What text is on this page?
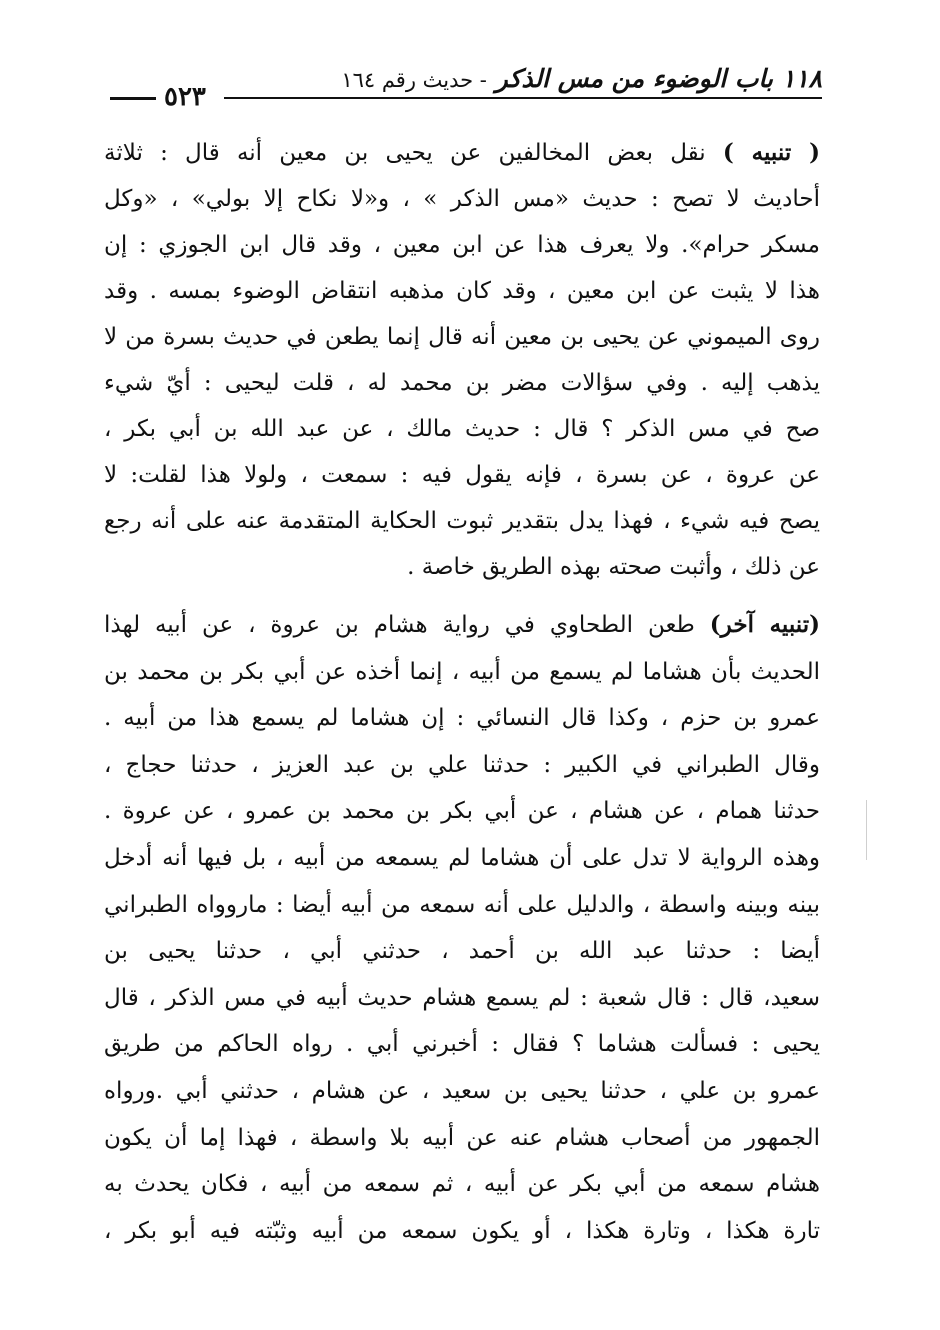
١١٨ باب الوضوء من مس الذكر - حديث رقم ١٦٤
٥٢٣
( تنبيه ) نقل بعض المخالفين عن يحيى بن معين أنه قال : ثلاثة
أحاديث لا تصح : حديث «مس الذكر » ، و«لا نكاح إلا بولي» ، «وكل
مسكر حرام». ولا يعرف هذا عن ابن معين ، وقد قال ابن الجوزي : إن
هذا لا يثبت عن ابن معين ، وقد كان مذهبه انتقاض الوضوء بمسه . وقد
روى الميموني عن يحيى بن معين أنه قال إنما يطعن في حديث بسرة من لا
يذهب إليه . وفي سؤالات مضر بن محمد له ، قلت ليحيى : أيّ شيء
صح في مس الذكر ؟ قال : حديث مالك ، عن عبد الله بن أبي بكر ،
عن عروة ، عن بسرة ، فإنه يقول فيه : سمعت ، ولولا هذا لقلت: لا
يصح فيه شيء ، فهذا يدل بتقدير ثبوت الحكاية المتقدمة عنه على أنه رجع
عن ذلك ، وأثبت صحته بهذه الطريق خاصة .
(تنبيه آخر) طعن الطحاوي في رواية هشام بن عروة ، عن أبيه لهذا
الحديث بأن هشاما لم يسمع من أبيه ، إنما أخذه عن أبي بكر بن محمد بن
عمرو بن حزم ، وكذا قال النسائي : إن هشاما لم يسمع هذا من أبيه .
وقال الطبراني في الكبير : حدثنا علي بن عبد العزيز ، حدثنا حجاج ،
حدثنا همام ، عن هشام ، عن أبي بكر بن محمد بن عمرو ، عن عروة .
وهذه الرواية لا تدل على أن هشاما لم يسمعه من أبيه ، بل فيها أنه أدخل
بينه وبينه واسطة ، والدليل على أنه سمعه من أبيه أيضا : ماروواه الطبراني
أيضا : حدثنا عبد الله بن أحمد ، حدثني أبي ، حدثنا يحيى بن
سعيد، قال : قال شعبة : لم يسمع هشام حديث أبيه في مس الذكر ، قال
يحيى : فسألت هشاما ؟ فقال : أخبرني أبي . رواه الحاكم من طريق
عمرو بن علي ، حدثنا يحيى بن سعيد ، عن هشام ، حدثني أبي .ورواه
الجمهور من أصحاب هشام عنه عن أبيه بلا واسطة ، فهذا إما أن يكون
هشام سمعه من أبي بكر عن أبيه ، ثم سمعه من أبيه ، فكان يحدث به
تارة هكذا ، وتارة هكذا ، أو يكون سمعه من أبيه وثبّته فيه أبو بكر ،
